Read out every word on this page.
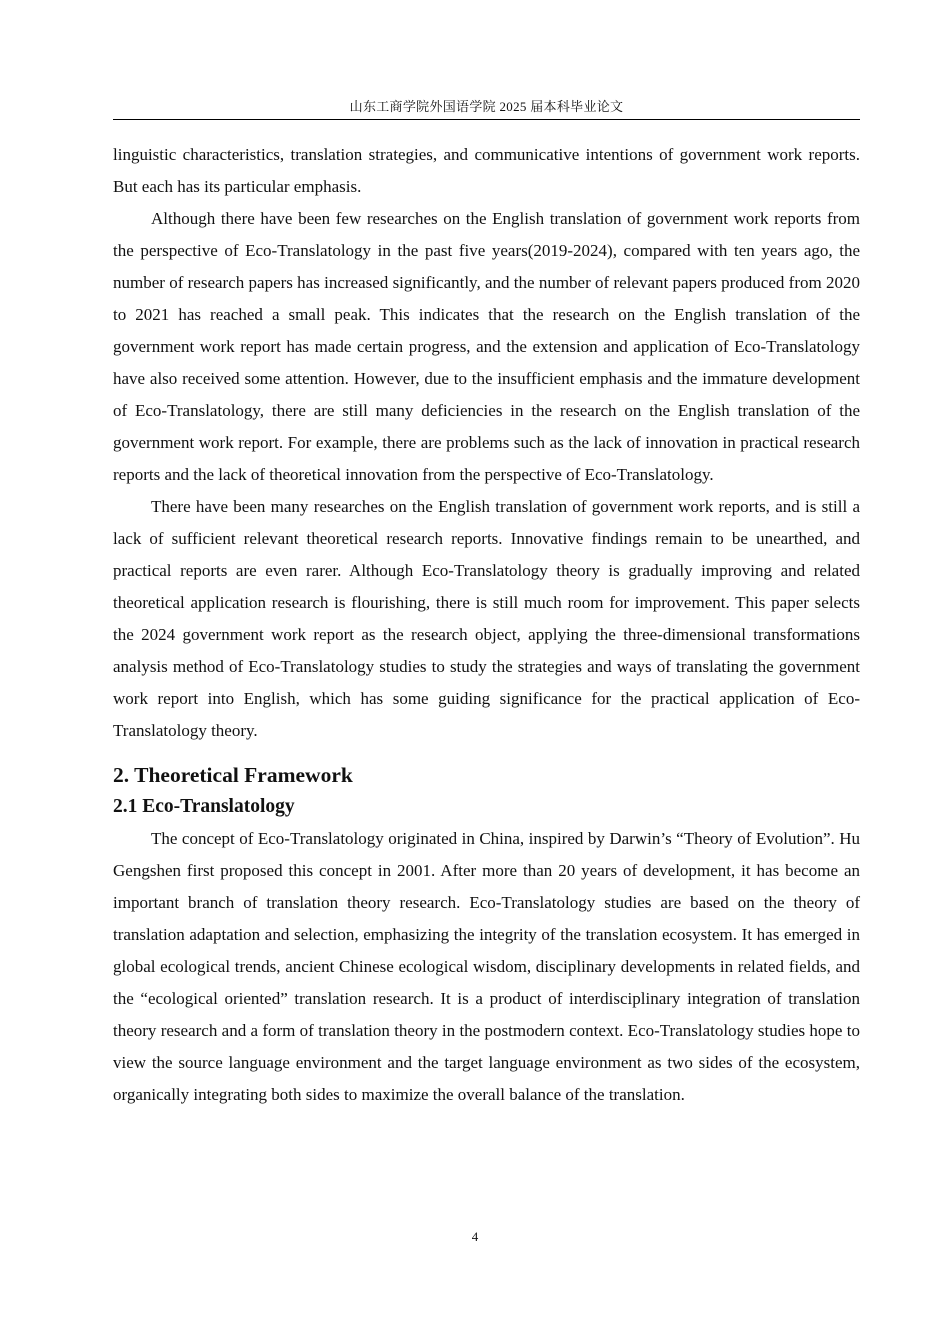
山东工商学院外国语学院 2025 届本科毕业论文

linguistic characteristics, translation strategies, and communicative intentions of government work reports. But each has its particular emphasis.

Although there have been few researches on the English translation of government work reports from the perspective of Eco-Translatology in the past five years(2019-2024), compared with ten years ago, the number of research papers has increased significantly, and the number of relevant papers produced from 2020 to 2021 has reached a small peak. This indicates that the research on the English translation of the government work report has made certain progress, and the extension and application of Eco-Translatology have also received some attention. However, due to the insufficient emphasis and the immature development of Eco-Translatology, there are still many deficiencies in the research on the English translation of the government work report. For example, there are problems such as the lack of innovation in practical research reports and the lack of theoretical innovation from the perspective of Eco-Translatology.

There have been many researches on the English translation of government work reports, and is still a lack of sufficient relevant theoretical research reports. Innovative findings remain to be unearthed, and practical reports are even rarer. Although Eco-Translatology theory is gradually improving and related theoretical application research is flourishing, there is still much room for improvement. This paper selects the 2024 government work report as the research object, applying the three-dimensional transformations analysis method of Eco-Translatology studies to study the strategies and ways of translating the government work report into English, which has some guiding significance for the practical application of Eco-Translatology theory.

2. Theoretical Framework
2.1 Eco-Translatology

The concept of Eco-Translatology originated in China, inspired by Darwin’s “Theory of Evolution”. Hu Gengshen first proposed this concept in 2001. After more than 20 years of development, it has become an important branch of translation theory research. Eco-Translatology studies are based on the theory of translation adaptation and selection, emphasizing the integrity of the translation ecosystem. It has emerged in global ecological trends, ancient Chinese ecological wisdom, disciplinary developments in related fields, and the “ecological oriented” translation research. It is a product of interdisciplinary integration of translation theory research and a form of translation theory in the postmodern context. Eco-Translatology studies hope to view the source language environment and the target language environment as two sides of the ecosystem, organically integrating both sides to maximize the overall balance of the translation.

4
